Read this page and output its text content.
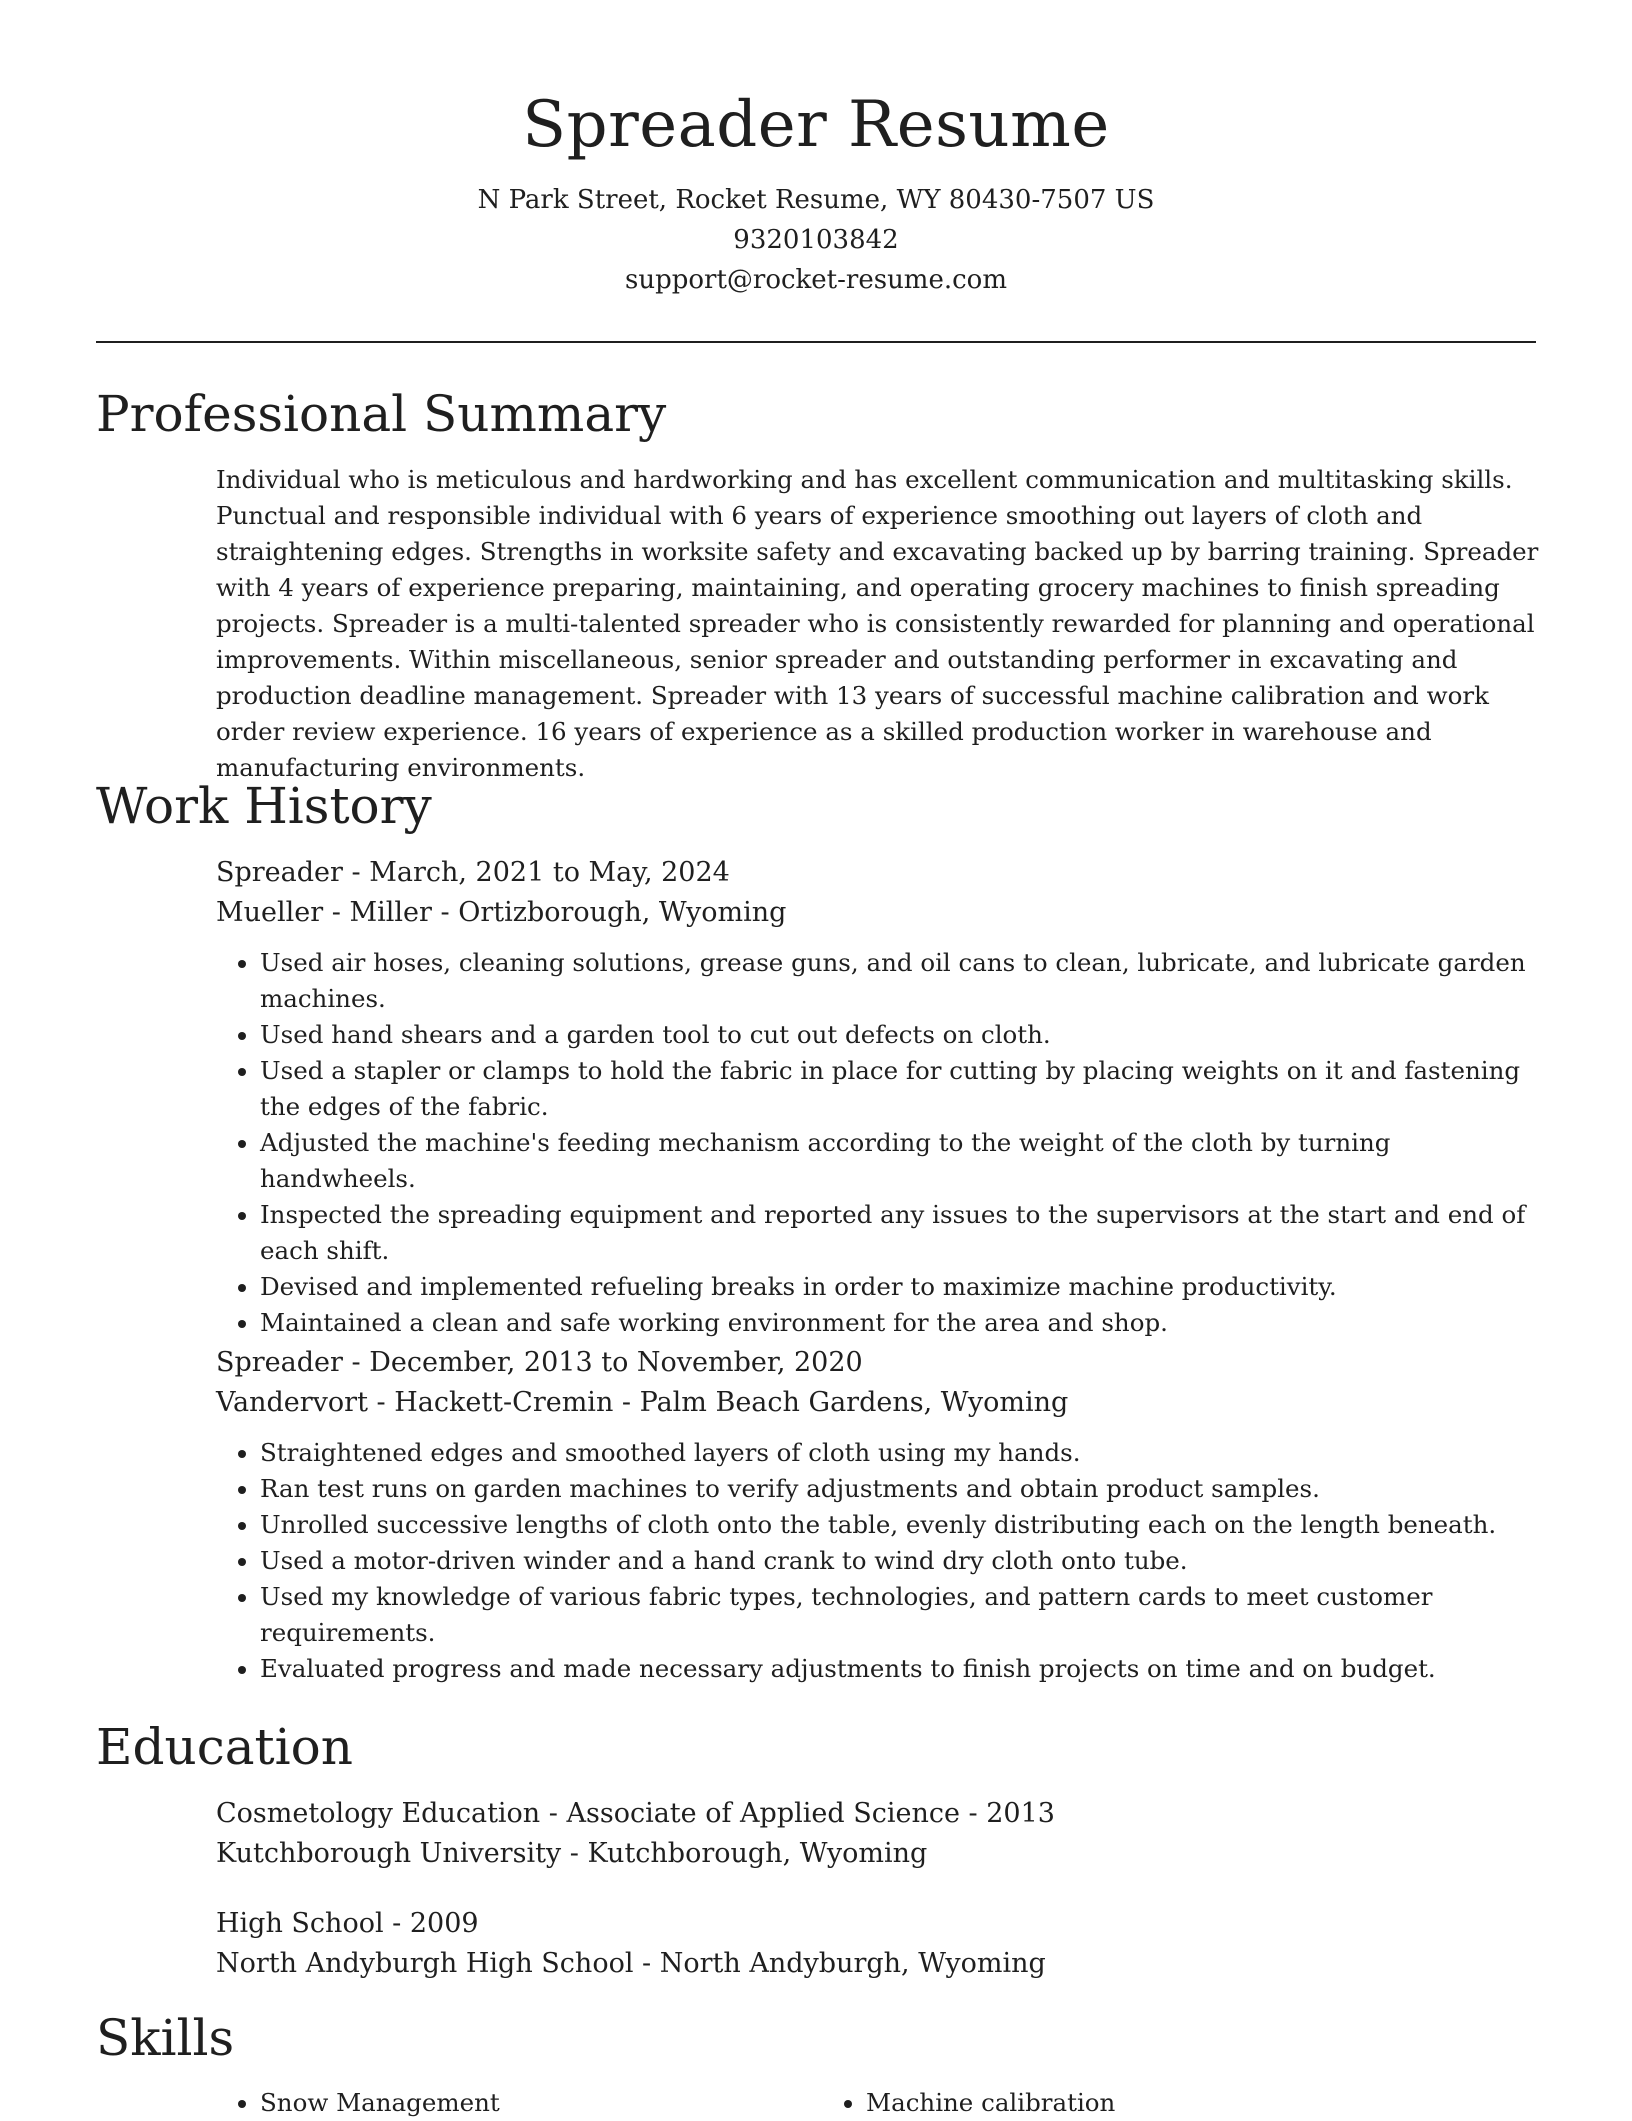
Spreader Resume

N Park Street, Rocket Resume, WY 80430-7507 US

9320103842

support@rocket-resume.com

Professional Summary

Individual who is meticulous and hardworking and has excellent communication and multitasking skills. Punctual and responsible individual with 6 years of experience smoothing out layers of cloth and straightening edges. Strengths in worksite safety and excavating backed up by barring training. Spreader with 4 years of experience preparing, maintaining, and operating grocery machines to finish spreading projects. Spreader is a multi-talented spreader who is consistently rewarded for planning and operational improvements. Within miscellaneous, senior spreader and outstanding performer in excavating and production deadline management. Spreader with 13 years of successful machine calibration and work order review experience. 16 years of experience as a skilled production worker in warehouse and manufacturing environments.

Work History

Spreader - March, 2021 to May, 2024

Mueller - Miller - Ortizborough, Wyoming

• Used air hoses, cleaning solutions, grease guns, and oil cans to clean, lubricate, and lubricate garden machines.
• Used hand shears and a garden tool to cut out defects on cloth.
• Used a stapler or clamps to hold the fabric in place for cutting by placing weights on it and fastening the edges of the fabric.
• Adjusted the machine's feeding mechanism according to the weight of the cloth by turning handwheels.
• Inspected the spreading equipment and reported any issues to the supervisors at the start and end of each shift.
• Devised and implemented refueling breaks in order to maximize machine productivity.
• Maintained a clean and safe working environment for the area and shop.

Spreader - December, 2013 to November, 2020

Vandervort - Hackett-Cremin - Palm Beach Gardens, Wyoming

• Straightened edges and smoothed layers of cloth using my hands.
• Ran test runs on garden machines to verify adjustments and obtain product samples.
• Unrolled successive lengths of cloth onto the table, evenly distributing each on the length beneath.
• Used a motor-driven winder and a hand crank to wind dry cloth onto tube.
• Used my knowledge of various fabric types, technologies, and pattern cards to meet customer requirements.
• Evaluated progress and made necessary adjustments to finish projects on time and on budget.
Education

Cosmetology Education - Associate of Applied Science - 2013

Kutchborough University - Kutchborough, Wyoming

High School - 2009

North Andyburgh High School - North Andyburgh, Wyoming

Skills
• Snow Management
•	Machine calibration
